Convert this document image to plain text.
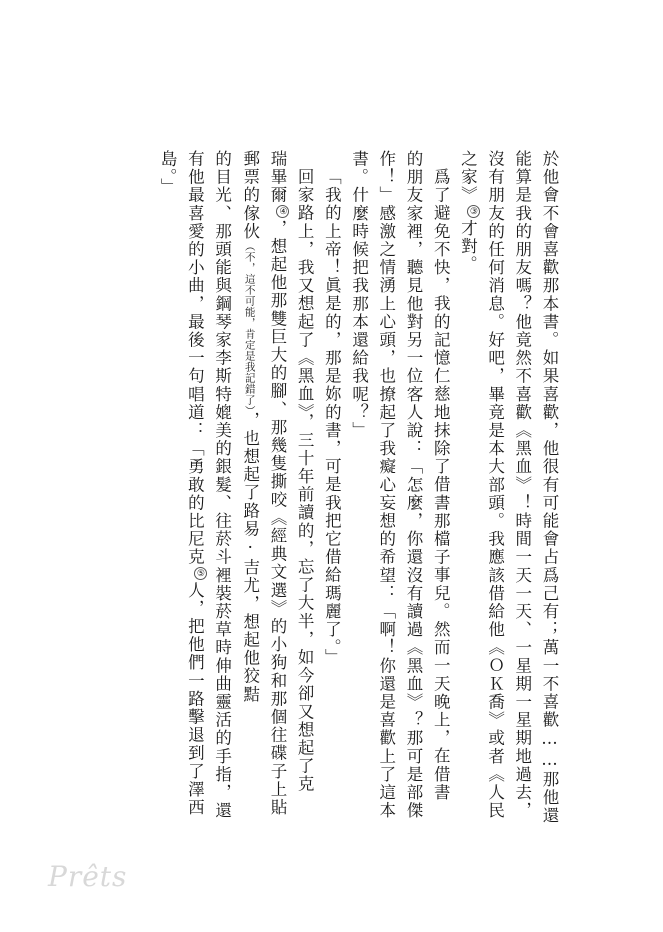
於他會不會喜歡那本書。如果喜歡，他很有可能會占爲己有；萬一不喜歡……那他還
能算是我的朋友嗎？他竟然不喜歡《黑血》！時間一天一天、一星期一星期地過去，
沒有朋友的任何消息。好吧，畢竟是本大部頭。我應該借給他《ＯＫ喬》或者《人民
之家》③才對。
爲了避免不快，我的記憶仁慈地抹除了借書那檔子事兒。然而一天晚上，在借書
的朋友家裡，聽見他對另一位客人說：「怎麼，你還沒有讀過《黑血》？那可是部傑
作！」感激之情湧上心頭，也撩起了我癡心妄想的希望：「啊！你還是喜歡上了這本
書。什麼時候把我那本還給我呢？」
「我的上帝！眞是的，那是妳的書，可是我把它借給瑪麗了。」
回家路上，我又想起了《黑血》，三十年前讀的，忘了大半，如今卻又想起了克
瑞畢爾④，想起他那雙巨大的腳、那幾隻撕咬《經典文選》的小狗和那個往碟子上貼
郵票的傢伙（不，這不可能，肯定是我記錯了），也想起了路易·吉尤，想起他狡黠
的目光、那頭能與鋼琴家李斯特媲美的銀髮、往菸斗裡裝菸草時伸曲靈活的手指，還
有他最喜愛的小曲，最後一句唱道：「勇敢的比尼克⑤人，把他們一路擊退到了澤西
島。」
Prêts
